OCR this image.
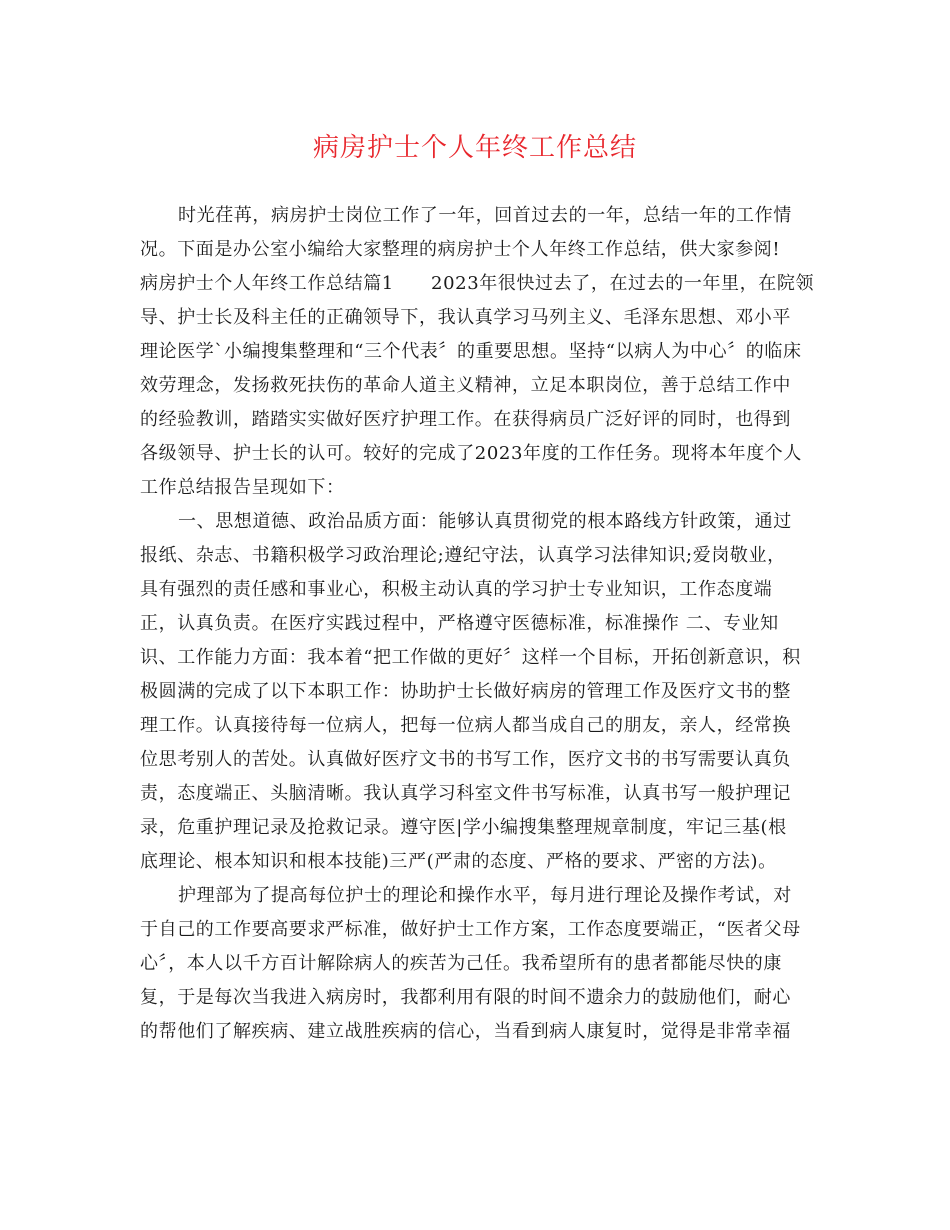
病房护士个人年终工作总结
时光荏苒，病房护士岗位工作了一年，回首过去的一年，总结一年的工作情
况。下面是办公室小编给大家整理的病房护士个人年终工作总结，供大家参阅!
病房护士个人年终工作总结篇1　　2023年很快过去了，在过去的一年里，在院领
导、护士长及科主任的正确领导下，我认真学习马列主义、毛泽东思想、邓小平
理论医学`小编搜集整理和“三个代表〞的重要思想。坚持“以病人为中心〞的临床
效劳理念，发扬救死扶伤的革命人道主义精神，立足本职岗位，善于总结工作中
的经验教训，踏踏实实做好医疗护理工作。在获得病员广泛好评的同时，也得到
各级领导、护士长的认可。较好的完成了2023年度的工作任务。现将本年度个人
工作总结报告呈现如下：
一、思想道德、政治品质方面：能够认真贯彻党的根本路线方针政策，通过
报纸、杂志、书籍积极学习政治理论;遵纪守法，认真学习法律知识;爱岗敬业，
具有强烈的责任感和事业心，积极主动认真的学习护士专业知识，工作态度端
正，认真负责。在医疗实践过程中，严格遵守医德标准，标准操作 二、专业知
识、工作能力方面：我本着“把工作做的更好〞这样一个目标，开拓创新意识，积
极圆满的完成了以下本职工作：协助护士长做好病房的管理工作及医疗文书的整
理工作。认真接待每一位病人，把每一位病人都当成自己的朋友，亲人，经常换
位思考别人的苦处。认真做好医疗文书的书写工作，医疗文书的书写需要认真负
责，态度端正、头脑清晰。我认真学习科室文件书写标准，认真书写一般护理记
录，危重护理记录及抢救记录。遵守医|学小编搜集整理规章制度，牢记三基(根
底理论、根本知识和根本技能)三严(严肃的态度、严格的要求、严密的方法)。
护理部为了提高每位护士的理论和操作水平，每月进行理论及操作考试，对
于自己的工作要高要求严标准，做好护士工作方案，工作态度要端正，“医者父母
心〞，本人以千方百计解除病人的疾苦为己任。我希望所有的患者都能尽快的康
复，于是每次当我进入病房时，我都利用有限的时间不遗余力的鼓励他们，耐心
的帮他们了解疾病、建立战胜疾病的信心，当看到病人康复时，觉得是非常幸福
